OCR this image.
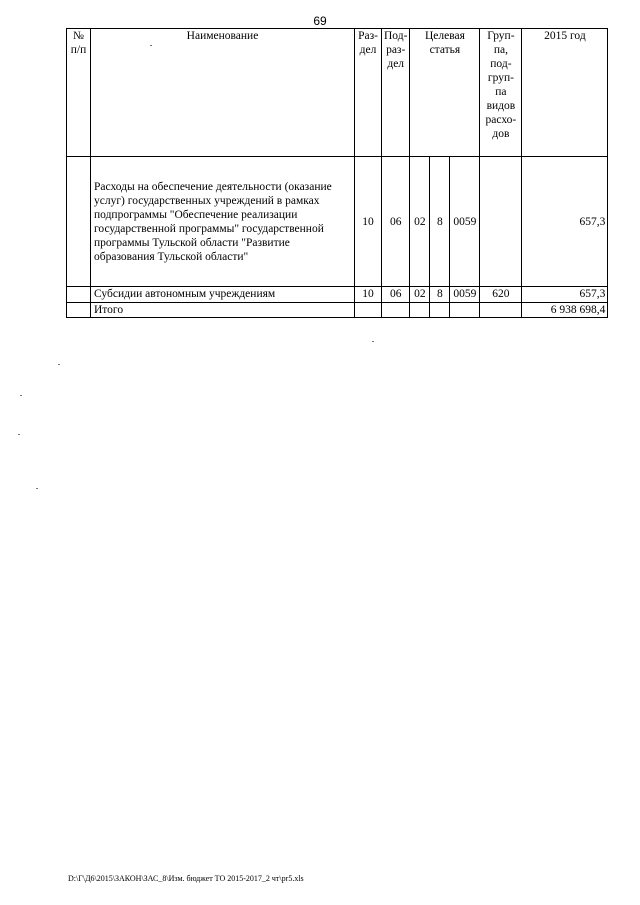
69
№ п/п	Наименование	Раз- дел	Под- раз- дел	Целевая статья			Груп- па, под- груп- па видов расхо- дов	2015 год
	Расходы на обеспечение деятельности (оказание услуг) государственных учреждений в рамках подпрограммы "Обеспечение реализации государственной программы" государственной программы Тульской области "Развитие образования Тульской области"	10	06	02	8	0059		657,3
	Субсидии автономным учреждениям	10	06	02	8	0059	620	657,3
	Итого							6 938 698,4
D:\Г\Д6\2015\ЗАКОН\ЗАС_8\Изм. бюджет ТО 2015-2017_2 чт\pr5.xls
